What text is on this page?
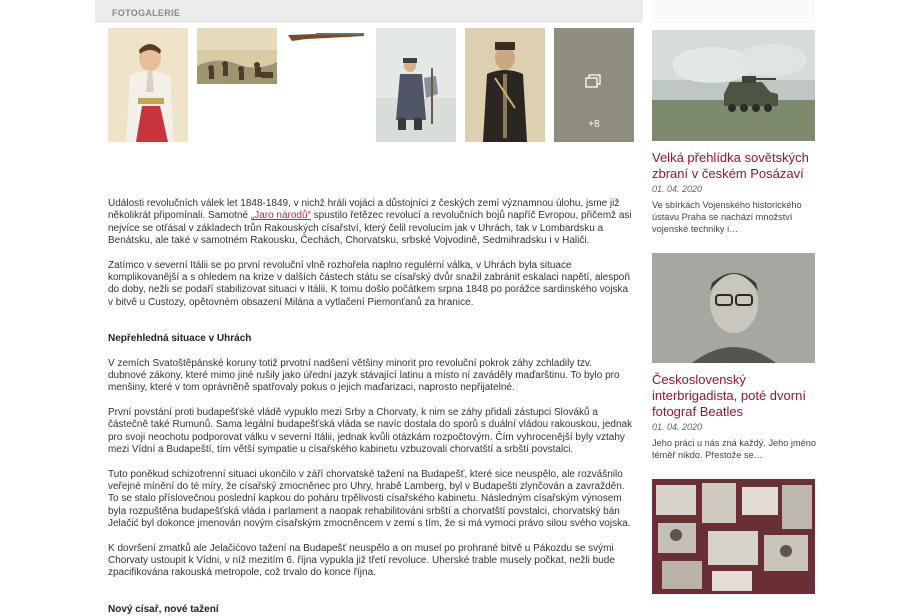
FOTOGALERIE
+8

Události revolučních válek let 1848-1849, v nichž hráli vojáci a důstojníci z českých zemí významnou úlohu, jsme již několikrát připomínali. Samotné „Jaro národů“ spustilo řetězec revolucí a revolučních bojů napříč Evropou, přičemž asi nejvíce se otřásal v základech trůn Rakouských císařství, který čelil revolucím jak v Uhrách, tak v Lombardsku a Benátsku, ale také v samotném Rakousku, Čechách, Chorvatsku, srbské Vojvodině, Sedmihradsku i v Haliči.

Zatímco v severní Itálii se po první revoluční vlně rozhořela naplno regulérní válka, v Uhrách byla situace komplikovanější a s ohledem na krize v dalších částech státu se císařský dvůr snažil zabránit eskalaci napětí, alespoň do doby, nežli se podaří stabilizovat situaci v Itálii. K tomu došlo počátkem srpna 1848 po porážce sardinského vojska v bitvě u Custozy, opětovném obsazení Milána a vytlačení Piemonťanů za hranice.

Nepřehledná situace v Uhrách

V zemích Svatoštěpánské koruny totiž prvotní nadšení většiny minorit pro revoluční pokrok záhy zchladily tzv. dubnové zákony, které mimo jiné rušily jako úřední jazyk stávající latinu a místo ní zaváděly maďarštinu. To bylo pro menšiny, které v tom oprávněně spatřovaly pokus o jejich maďarizaci, naprosto nepřijatelné.

První povstání proti budapešťské vládě vypuklo mezi Srby a Chorvaty, k nim se záhy přidali zástupci Slováků a částečně také Rumunů. Sama legální budapešťská vláda se navíc dostala do sporů s duální vládou rakouskou, jednak pro svoji neochotu podporovat válku v severní Itálii, jednak kvůli otázkám rozpočtovým. Čím vyhrocenější byly vztahy mezi Vídní a Budapeští, tím větší sympatie u císařského kabinetu vzbuzovali chorvatští a srbští povstalci.

Tuto poněkud schizofrenní situaci ukončilo v září chorvatské tažení na Budapešť, které sice neuspělo, ale rozvášnilo veřejné mínění do té míry, že císařský zmocněnec pro Uhry, hrabě Lamberg, byl v Budapešti zlynčován a zavražděn. To se stalo příslovečnou poslední kapkou do poháru trpělivosti císařského kabinetu. Následným císařským výnosem byla rozpuštěna budapešťská vláda i parlament a naopak rehabilitováni srbští a chorvatští povstalci, chorvatský bán Jelačić byl dokonce jmenován novým císařským zmocněncem v zemi s tím, že si má vymoci právo silou svého vojska.

K dovršení zmatků ale Jelačićovo tažení na Budapešť neuspělo a on musel po prohrané bitvě u Pákozdu se svými Chorvaty ustoupit k Vídni, v níž mezitím 6. října vypukla již třetí revoluce. Uherské trable musely počkat, nežli bude zpacifikována rakouská metropole, což trvalo do konce října.

Nový císař, nové tažení

Velká přehlídka sovětských zbraní v českém Posázaví
01. 04. 2020
Ve sbírkách Vojenského historického ústavu Praha se nachází množství vojenské techniky i…
Československý interbrigadista, poté dvorní fotograf Beatles
01. 04. 2020
Jeho práci u nás zná každý. Jeho jméno téměř nikdo. Přestože se…
